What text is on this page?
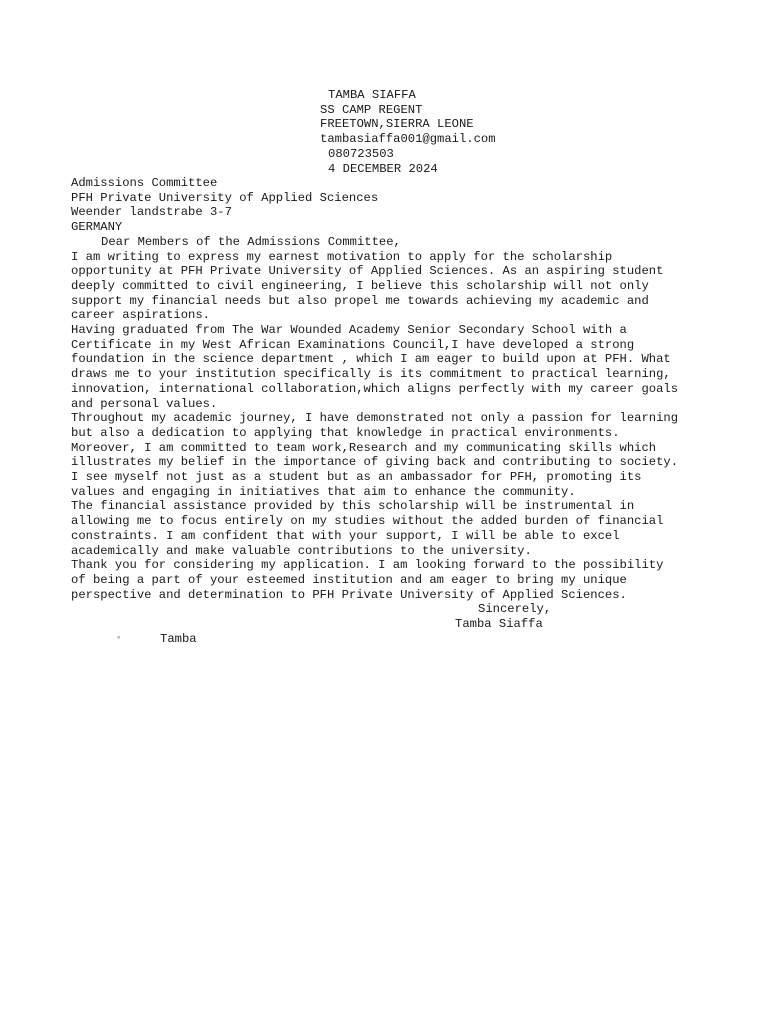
TAMBA SIAFFA

SS CAMP REGENT

FREETOWN,SIERRA LEONE

tambasiaffa001@gmail.com

080723503

4 DECEMBER 2024

Admissions Committee

PFH Private University of Applied Sciences

Weender landstrabe 3-7

GERMANY

Dear Members of the Admissions Committee,

I am writing to express my earnest motivation to apply for the scholarship

opportunity at PFH Private University of Applied Sciences. As an aspiring student

deeply committed to civil engineering, I believe this scholarship will not only

support my financial needs but also propel me towards achieving my academic and

career aspirations.

Having graduated from The War Wounded Academy Senior Secondary School with a

Certificate in my West African Examinations Council,I have developed a strong

foundation in the science department , which I am eager to build upon at PFH. What

draws me to your institution specifically is its commitment to practical learning,

innovation, international collaboration,which aligns perfectly with my career goals

and personal values.

Throughout my academic journey, I have demonstrated not only a passion for learning

but also a dedication to applying that knowledge in practical environments.

Moreover, I am committed to team work,Research and my communicating skills which

illustrates my belief in the importance of giving back and contributing to society.

I see myself not just as a student but as an ambassador for PFH, promoting its

values and engaging in initiatives that aim to enhance the community.

The financial assistance provided by this scholarship will be instrumental in

allowing me to focus entirely on my studies without the added burden of financial

constraints. I am confident that with your support, I will be able to excel

academically and make valuable contributions to the university.

Thank you for considering my application. I am looking forward to the possibility

of being a part of your esteemed institution and am eager to bring my unique

perspective and determination to PFH Private University of Applied Sciences.

Sincerely,

Tamba Siaffa

◦	Tamba
